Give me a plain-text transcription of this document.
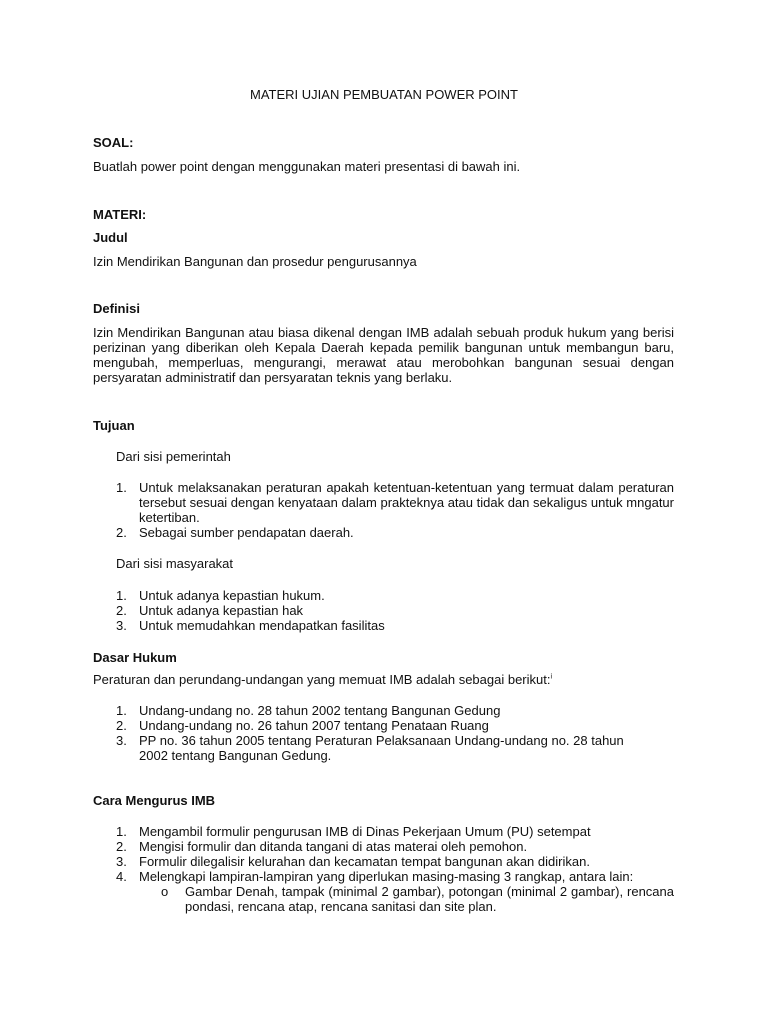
MATERI UJIAN PEMBUATAN POWER POINT

SOAL:

Buatlah power point dengan menggunakan materi presentasi di bawah ini.

MATERI:

Judul

Izin Mendirikan Bangunan dan prosedur pengurusannya

Definisi

Izin Mendirikan Bangunan atau biasa dikenal dengan IMB adalah sebuah produk hukum yang berisi perizinan yang diberikan oleh Kepala Daerah kepada pemilik bangunan untuk membangun baru, mengubah, memperluas, mengurangi, merawat atau merobohkan bangunan sesuai dengan persyaratan administratif dan persyaratan teknis yang berlaku.

Tujuan

Dari sisi pemerintah

1. Untuk melaksanakan peraturan apakah ketentuan-ketentuan yang termuat dalam peraturan tersebut sesuai dengan kenyataan dalam prakteknya atau tidak dan sekaligus untuk mngatur ketertiban.
2. Sebagai sumber pendapatan daerah.

Dari sisi masyarakat

1. Untuk adanya kepastian hukum.
2. Untuk adanya kepastian hak
3. Untuk memudahkan mendapatkan fasilitas

Dasar Hukum

Peraturan dan perundang-undangan yang memuat IMB adalah sebagai berikut:$^i$

1. Undang-undang no. 28 tahun 2002 tentang Bangunan Gedung
2. Undang-undang no. 26 tahun 2007 tentang Penataan Ruang
3. PP no. 36 tahun 2005 tentang Peraturan Pelaksanaan Undang-undang no. 28 tahun 2002 tentang Bangunan Gedung.

Cara Mengurus IMB

1. Mengambil formulir pengurusan IMB di Dinas Pekerjaan Umum (PU) setempat
2. Mengisi formulir dan ditanda tangani di atas materai oleh pemohon.
3. Formulir dilegalisir kelurahan dan kecamatan tempat bangunan akan didirikan.
4. Melengkapi lampiran-lampiran yang diperlukan masing-masing 3 rangkap, antara lain:
o Gambar Denah, tampak (minimal 2 gambar), potongan (minimal 2 gambar), rencana pondasi, rencana atap, rencana sanitasi dan site plan.
